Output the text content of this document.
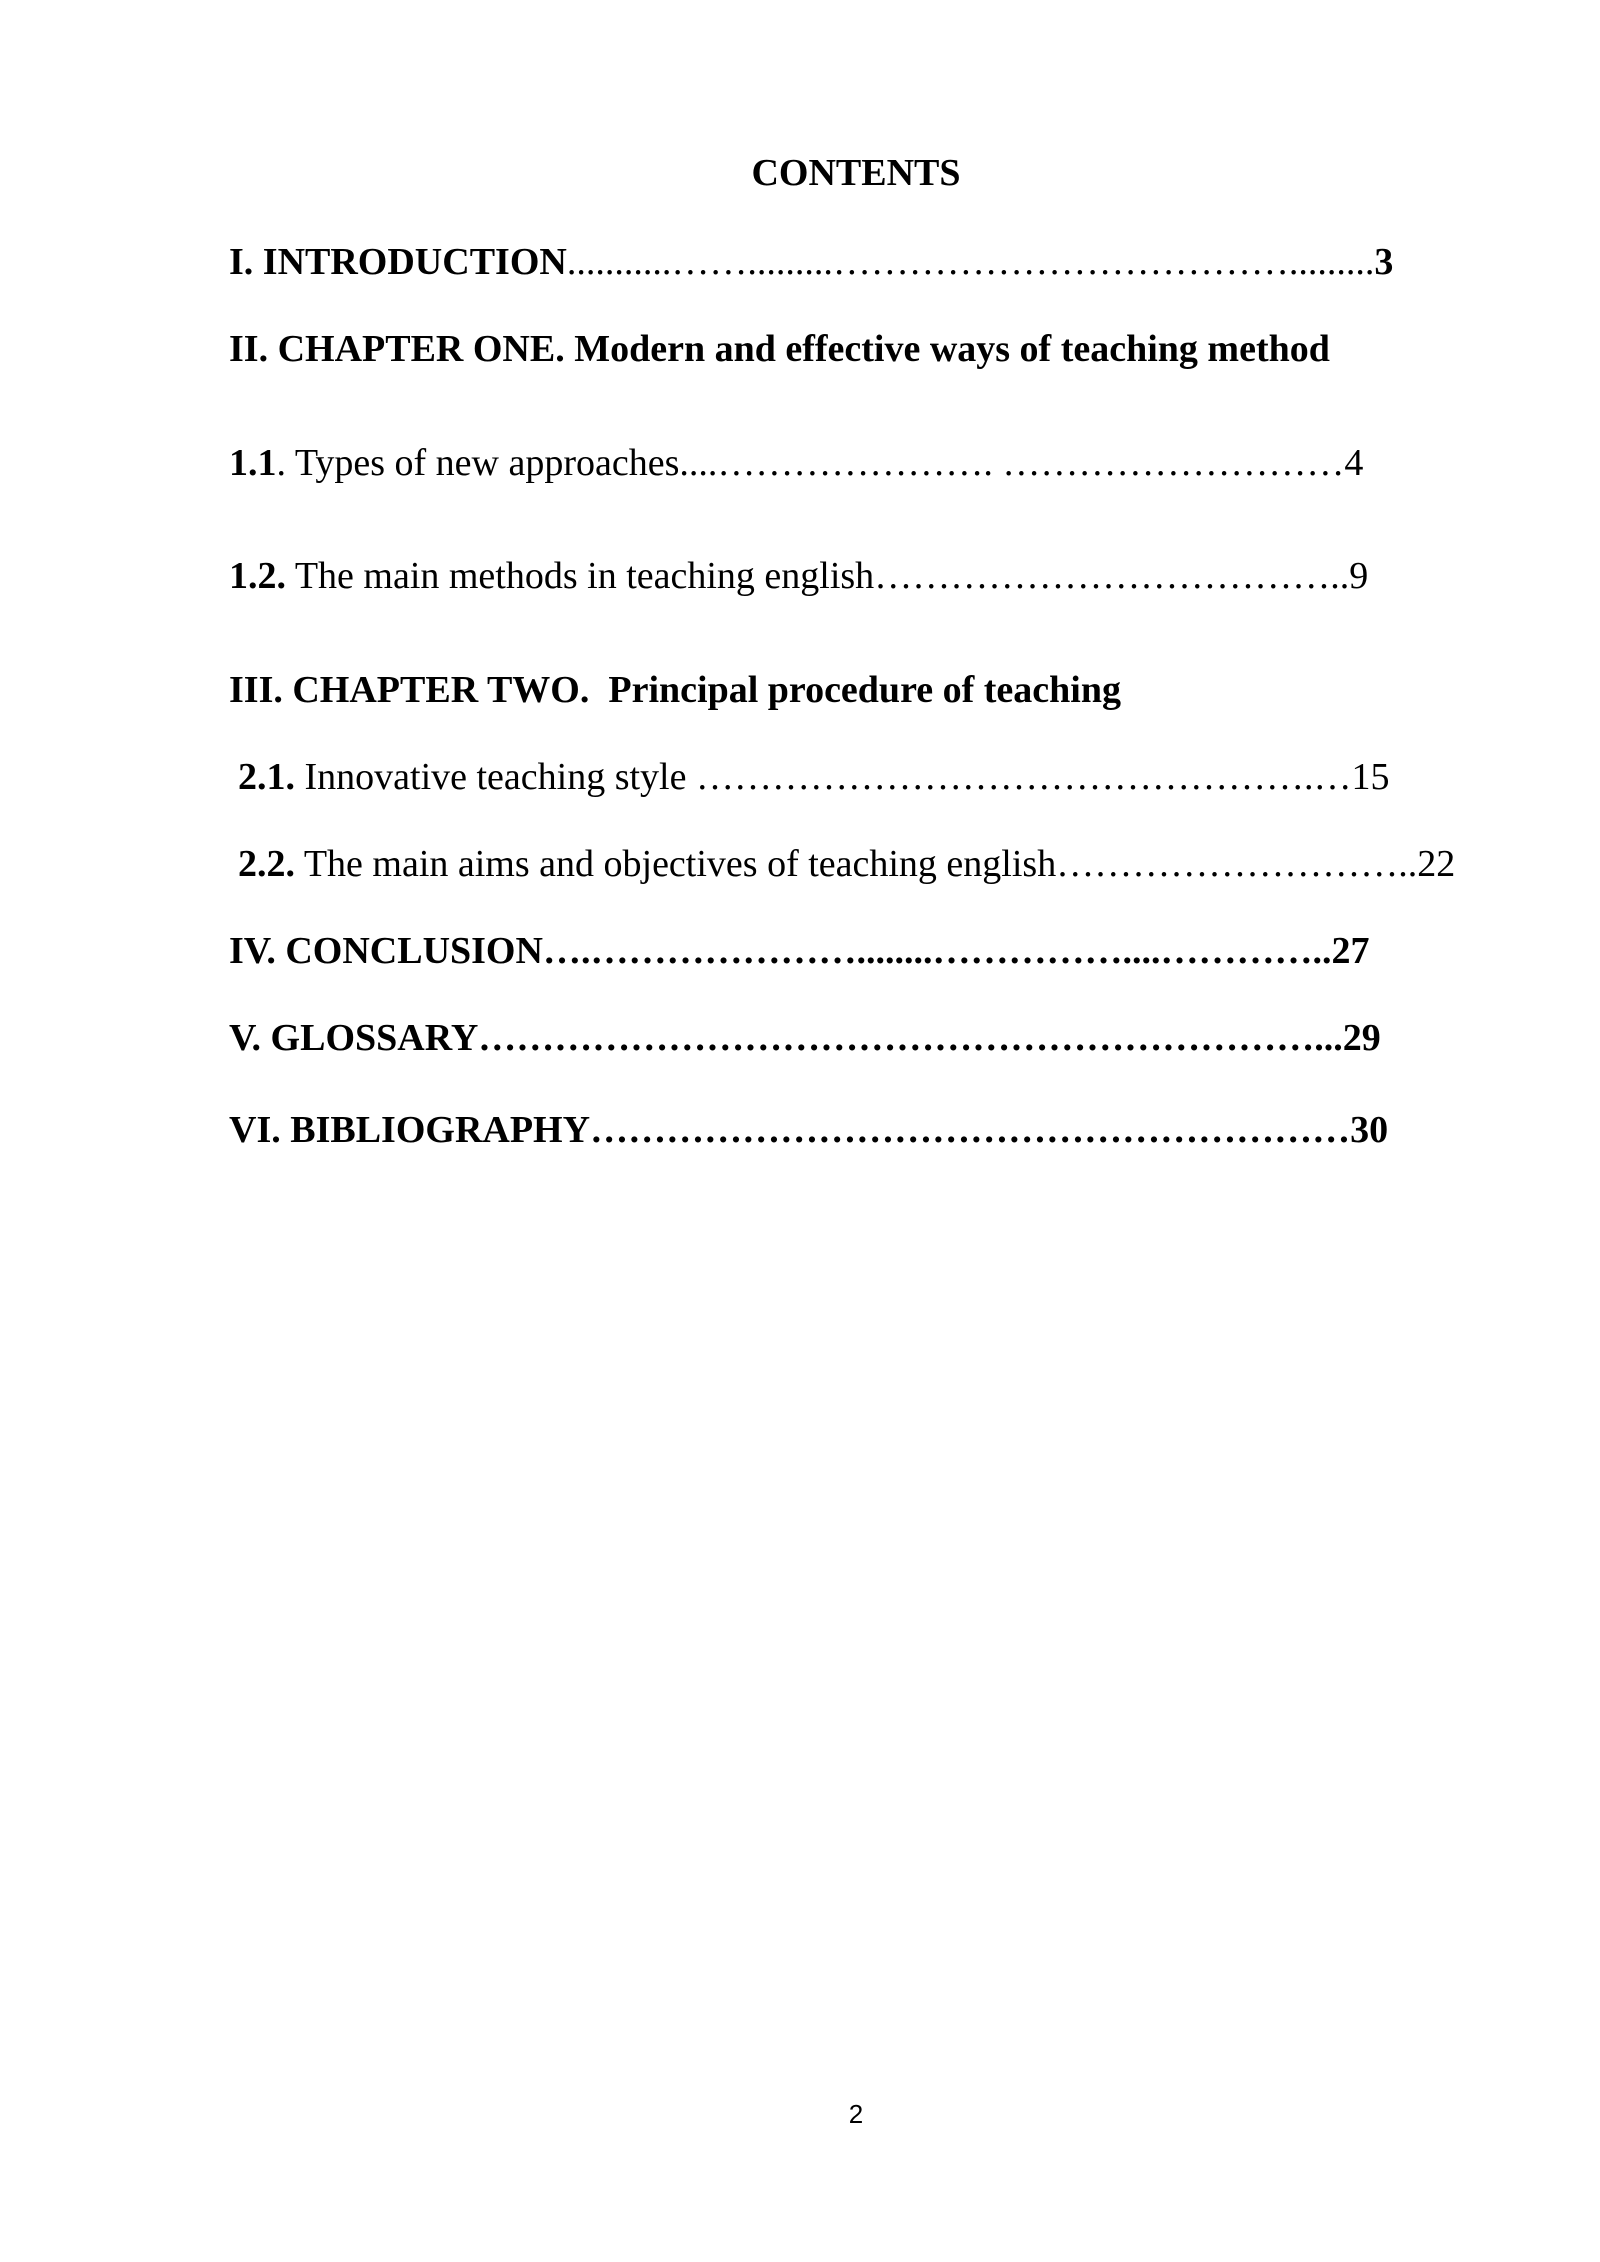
CONTENTS
I. INTRODUCTION...........…….........……………………………….........3
II. CHAPTER ONE. Modern and effective ways of teaching method
1.1. Types of new approaches....…………………. ………………………4
1.2. The main methods in teaching english………………………………..9
III. CHAPTER TWO.  Principal procedure of teaching
2.1. Innovative teaching style ………………………………………….…15
2.2. The main aims and objectives of teaching english………………………..22
IV. CONCLUSION….…………………........……………....…………..27
V. GLOSSARY…………………………………………………………...29
VI. BIBLIOGRAPHY……………………………………………………30
2
